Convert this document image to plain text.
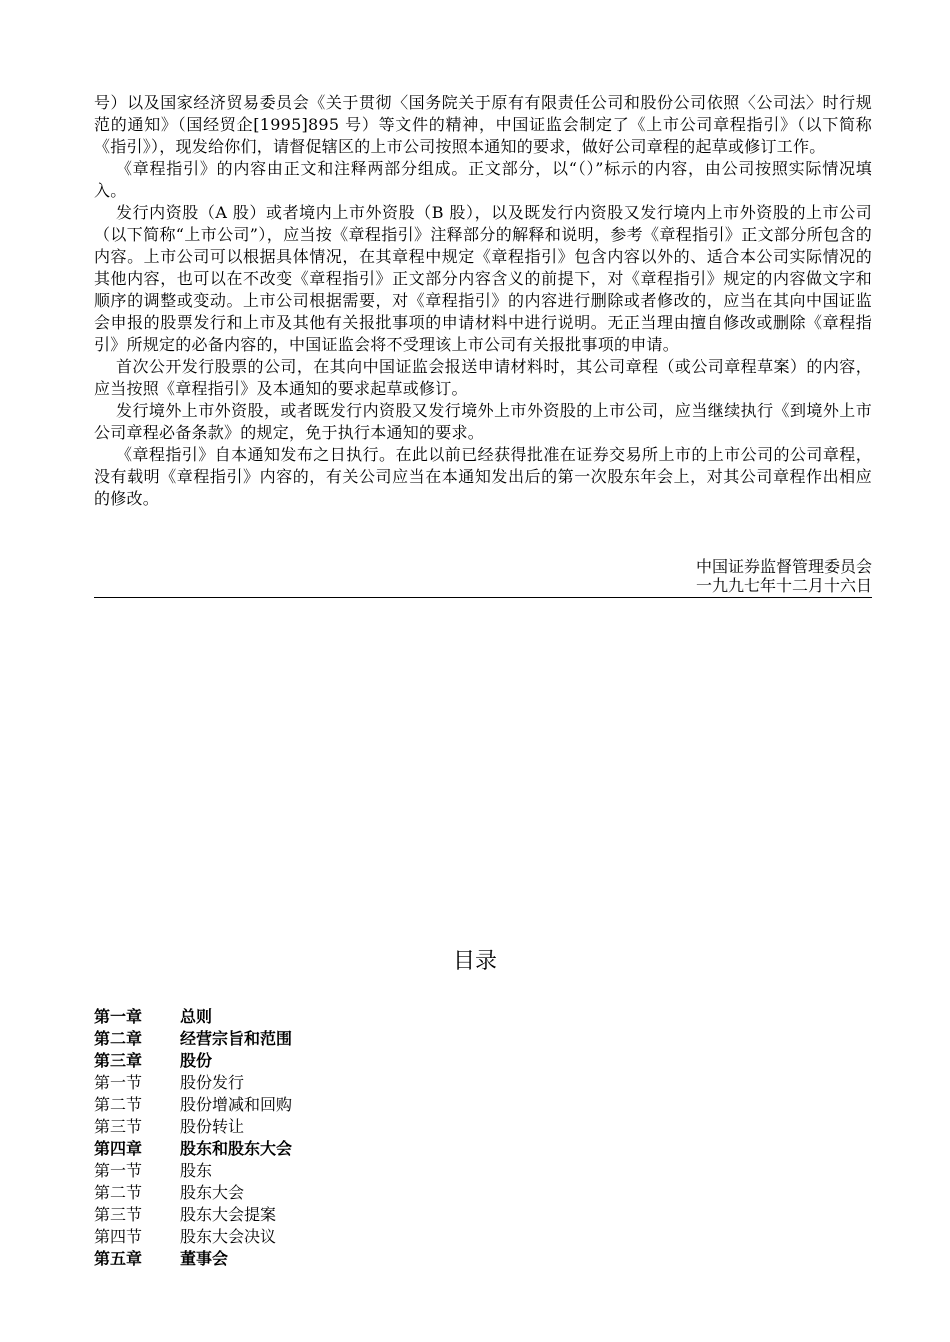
号）以及国家经济贸易委员会《关于贯彻〈国务院关于原有有限责任公司和股份公司依照〈公司法〉时行规范的通知》（国经贸企[1995]895 号）等文件的精神，中国证监会制定了《上市公司章程指引》（以下简称《指引》），现发给你们，请督促辖区的上市公司按照本通知的要求，做好公司章程的起草或修订工作。

《章程指引》的内容由正文和注释两部分组成。正文部分，以“（）”标示的内容，由公司按照实际情况填入。

发行内资股（A 股）或者境内上市外资股（B 股），以及既发行内资股又发行境内上市外资股的上市公司（以下简称“上市公司”），应当按《章程指引》注释部分的解释和说明，参考《章程指引》正文部分所包含的内容。上市公司可以根据具体情况，在其章程中规定《章程指引》包含内容以外的、适合本公司实际情况的其他内容，也可以在不改变《章程指引》正文部分内容含义的前提下，对《章程指引》规定的内容做文字和顺序的调整或变动。上市公司根据需要，对《章程指引》的内容进行删除或者修改的，应当在其向中国证监会申报的股票发行和上市及其他有关报批事项的申请材料中进行说明。无正当理由擅自修改或删除《章程指引》所规定的必备内容的，中国证监会将不受理该上市公司有关报批事项的申请。

首次公开发行股票的公司，在其向中国证监会报送申请材料时，其公司章程（或公司章程草案）的内容，应当按照《章程指引》及本通知的要求起草或修订。

发行境外上市外资股，或者既发行内资股又发行境外上市外资股的上市公司，应当继续执行《到境外上市公司章程必备条款》的规定，免于执行本通知的要求。

《章程指引》自本通知发布之日执行。在此以前已经获得批准在证券交易所上市的上市公司的公司章程，没有载明《章程指引》内容的，有关公司应当在本通知发出后的第一次股东年会上，对其公司章程作出相应的修改。

中国证券监督管理委员会
一九九七年十二月十六日
目录
第一章 总则
第二章 经营宗旨和范围
第三章 股份
第一节 股份发行
第二节 股份增减和回购
第三节 股份转让
第四章 股东和股东大会
第一节 股东
第二节 股东大会
第三节 股东大会提案
第四节 股东大会决议
第五章 董事会
